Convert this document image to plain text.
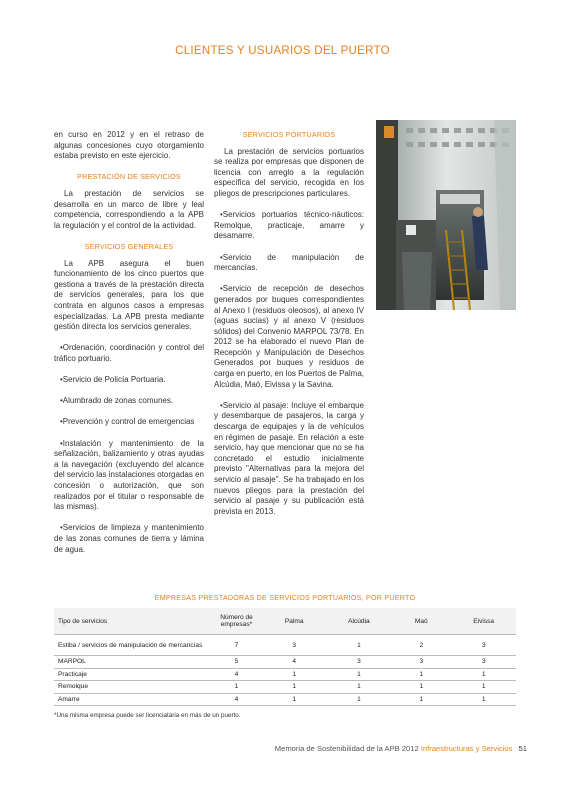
CLIENTES Y USUARIOS DEL PUERTO

en curso en 2012 y en el retraso de algunas concesiones cuyo otorgamiento estaba previsto en este ejercicio.

PRESTACIÓN DE SERVICIOS

La prestación de servicios se desarrolla en un marco de libre y leal competencia, correspondiendo a la APB la regulación y el control de la actividad.

SERVICIOS GENERALES

La APB asegura el buen funcionamiento de los cinco puertos que gestiona a través de la prestación directa de servicios generales, para los que contrata en algunos casos a empresas especializadas. La APB presta mediante gestión directa los servicios generales.

•Ordenación, coordinación y control del tráfico portuario.

•Servicio de Policía Portuaria.

•Alumbrado de zonas comunes.

•Prevención y control de emergencias

•Instalación y mantenimiento de la señalización, balizamiento y otras ayudas a la navegación (excluyendo del alcance del servicio las instalaciones otorgadas en concesión o autorización, que son realizados por el titular o responsable de las mismas).

•Servicios de limpieza y mantenimiento de las zonas comunes de tierra y lámina de agua.

SERVICIOS PORTUARIOS

La prestación de servicios portuarios se realiza por empresas que disponen de licencia con arreglo a la regulación específica del servicio, recogida en los pliegos de prescripciones particulares.

•Servicios portuarios técnico-náuticos: Remolque, practicaje, amarre y desamarre.

•Servicio de manipulación de mercancías.

•Servicio de recepción de desechos generados por buques correspondientes al Anexo I (residuos oleosos), al anexo IV (aguas sucias) y al anexo V (residuos sólidos) del Convenio MARPOL 73/78. En 2012 se ha elaborado el nuevo Plan de Recepción y Manipulación de Desechos Generados por buques y residuos de carga en puerto, en los Puertos de Palma, Alcúdia, Maó, Eivissa y la Savina.

•Servicio al pasaje: Incluye el embarque y desembarque de pasajeros, la carga y descarga de equipajes y la de vehículos en régimen de pasaje. En relación a este servicio, hay que mencionar que no se ha concretado el estudio inicialmente previsto "Alternativas para la mejora del servicio al pasaje". Se ha trabajado en los nuevos pliegos para la prestación del servicio al pasaje y su publicación está prevista en 2013.

EMPRESAS PRESTADORAS DE SERVICIOS PORTUARIOS, POR PUERTO
Tipo de servicios	Número de empresas*	Palma	Alcúdia	Maó	Eivissa
Estiba / servicios de manipulación de mercancías	7	3	1	2	3
MARPOL	5	4	3	3	3
Practicaje	4	1	1	1	1
Remolque	1	1	1	1	1
Amarre	4	1	1	1	1
*Una misma empresa puede ser licenciataria en más de un puerto.
Memoria de Sostenibilidad de la APB 2012 Infraestructuras y Servicios 51
